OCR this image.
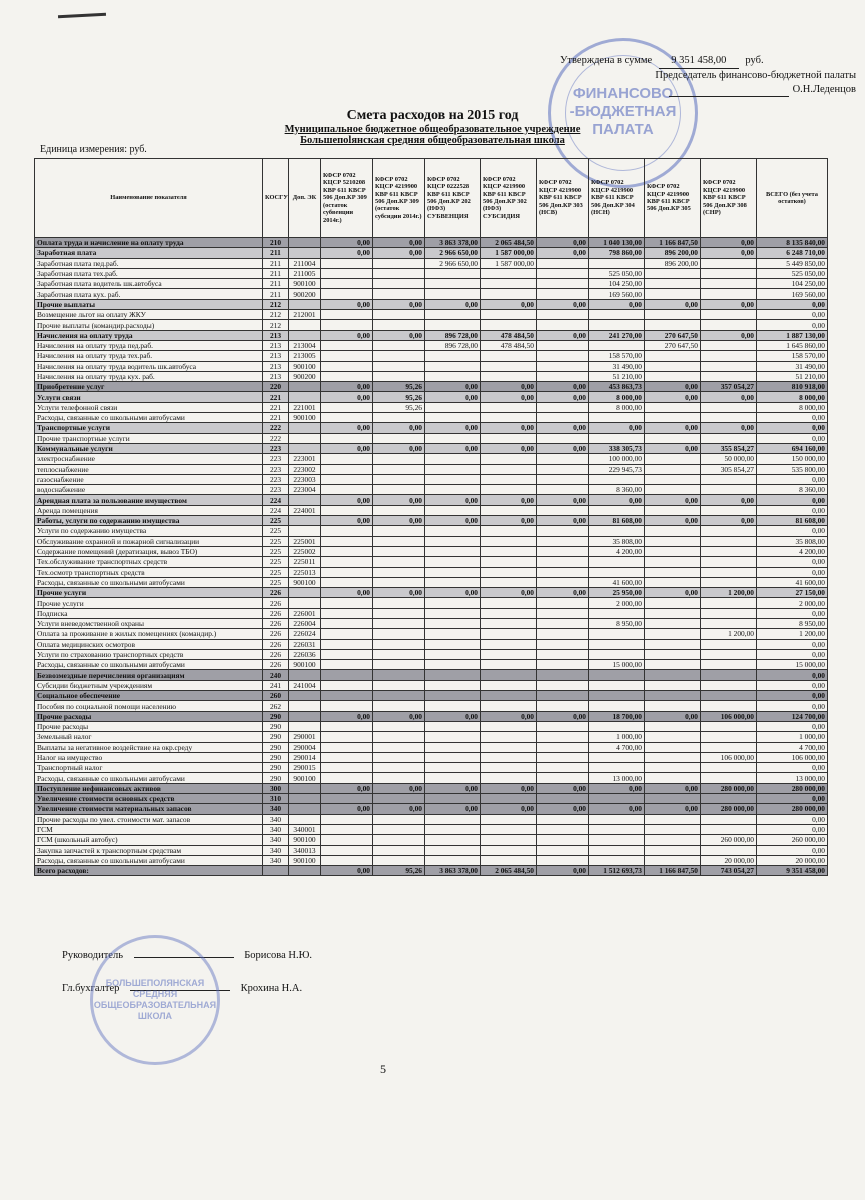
ФИНАНСОВО
-БЮДЖЕТНАЯ
ПАЛАТА
Утверждена в сумме 9 351 458,00 руб.
Председатель финансово-бюджетной палаты
О.Н.Леденцов
Смета расходов на 2015 год
Муниципальное бюджетное общеобразовательное учреждение
Большепolянская средняя общеобразовательная школа
Единица измерения: руб.
Наименование показателя	КОСГУ	Доп. ЭК	КФСР 0702 КЦСР 5210208 КВР 611 КВСР 506 Доп.КР 309 (остаток субвенции 2014г.)	КФСР 0702 КЦСР 4219900 КВР 611 КВСР 506 Доп.КР 309 (остаток субсидии 2014г.)	КФСР 0702 КЦСР 0222528 КВР 611 КВСР 506 Доп.КР 202 (НФЗ) СУБВЕНЦИЯ	КФСР 0702 КЦСР 4219900 КВР 611 КВСР 506 Доп.КР 302 (НФЗ) СУБСИДИЯ	КФСР 0702 КЦСР 4219900 КВР 611 КВСР 506 Доп.КР 303 (НСВ)	КФСР 0702 КЦСР 4219900 КВР 611 КВСР 506 Доп.КР 304 (НСН)	КФСР 0702 КЦСР 4219900 КВР 611 КВСР 506 Доп.КР 305	КФСР 0702 КЦСР 4219900 КВР 611 КВСР 506 Доп.КР 308 (СНР)	ВСЕГО (без учета остатков)
Оплата труда и начисление на оплату труда	210		0,00	0,00	3 863 378,00	2 065 484,50	0,00	1 040 130,00	1 166 847,50	0,00	8 135 840,00
Заработная плата	211		0,00	0,00	2 966 650,00	1 587 000,00	0,00	798 860,00	896 200,00	0,00	6 248 710,00
Заработная плата пед.раб.	211	211004			2 966 650,00	1 587 000,00			896 200,00		5 449 850,00
Заработная плата тех.раб.	211	211005						525 050,00			525 050,00
Заработная плата водитель шк.автобуса	211	900100						104 250,00			104 250,00
Заработная плата кух. раб.	211	900200						169 560,00			169 560,00
Прочие выплаты	212		0,00	0,00	0,00	0,00	0,00	0,00	0,00	0,00	0,00
Возмещение льгот на оплату ЖКУ	212	212001									0,00
Прочие выплаты (командир.расходы)	212										0,00
Начисления на оплату труда	213		0,00	0,00	896 728,00	478 484,50	0,00	241 270,00	270 647,50	0,00	1 887 130,00
Начисления на оплату труда пед.раб.	213	213004			896 728,00	478 484,50			270 647,50		1 645 860,00
Начисления на оплату труда тех.раб.	213	213005						158 570,00			158 570,00
Начисления на оплату труда водитель шк.автобуса	213	900100						31 490,00			31 490,00
Начисления на оплату труда кух. раб.	213	900200						51 210,00			51 210,00
Приобретение услуг	220		0,00	95,26	0,00	0,00	0,00	453 863,73	0,00	357 054,27	810 918,00
Услуги связи	221		0,00	95,26	0,00	0,00	0,00	8 000,00	0,00	0,00	8 000,00
Услуги телефонной связи	221	221001		95,26				8 000,00			8 000,00
Расходы, связанные со школьными автобусами	221	900100									0,00
Транспортные услуги	222		0,00	0,00	0,00	0,00	0,00	0,00	0,00	0,00	0,00
Прочие транспортные услуги	222										0,00
Коммунальные услуги	223		0,00	0,00	0,00	0,00	0,00	338 305,73	0,00	355 854,27	694 160,00
электроснабжение	223	223001						100 000,00		50 000,00	150 000,00
теплоснабжение	223	223002						229 945,73		305 854,27	535 800,00
газоснабжение	223	223003									0,00
водоснабжение	223	223004						8 360,00			8 360,00
Арендная плата за пользование имуществом	224		0,00	0,00	0,00	0,00	0,00	0,00	0,00	0,00	0,00
Аренда помещения	224	224001									0,00
Работы, услуги по содержанию имущества	225		0,00	0,00	0,00	0,00	0,00	81 608,00	0,00	0,00	81 608,00
Услуги по содержанию имущества	225										0,00
Обслуживание охранной и пожарной сигнализации	225	225001						35 808,00			35 808,00
Содержание помещений (дератизация, вывоз ТБО)	225	225002						4 200,00			4 200,00
Тех.обслуживание транспортных средств	225	225011									0,00
Тех.осмотр транспортных средств	225	225013									0,00
Расходы, связанные со школьными автобусами	225	900100						41 600,00			41 600,00
Прочие услуги	226		0,00	0,00	0,00	0,00	0,00	25 950,00	0,00	1 200,00	27 150,00
Прочие услуги	226							2 000,00			2 000,00
Подписка	226	226001									0,00
Услуги вневедомственной охраны	226	226004						8 950,00			8 950,00
Оплата за проживание в жилых помещениях (командир.)	226	226024								1 200,00	1 200,00
Оплата медицинских осмотров	226	226031									0,00
Услуги по страхованию транспортных средств	226	226036									0,00
Расходы, связанные со школьными автобусами	226	900100						15 000,00			15 000,00
Безвозмездные перечисления организациям	240										0,00
Субсидии бюджетным учреждениям	241	241004									0,00
Социальное обеспечение	260										0,00
Пособия по социальной помощи населению	262										0,00
Прочие расходы	290		0,00	0,00	0,00	0,00	0,00	18 700,00	0,00	106 000,00	124 700,00
Прочие расходы	290										0,00
Земельный налог	290	290001						1 000,00			1 000,00
Выплаты за негативное воздействие на окр.среду	290	290004						4 700,00			4 700,00
Налог на имущество	290	290014								106 000,00	106 000,00
Транспортный налог	290	290015									0,00
Расходы, связанные со школьными автобусами	290	900100						13 000,00			13 000,00
Поступление нефинансовых активов	300		0,00	0,00	0,00	0,00	0,00	0,00	0,00	280 000,00	280 000,00
Увеличение стоимости основных средств	310										0,00
Увеличение стоимости материальных запасов	340		0,00	0,00	0,00	0,00	0,00	0,00	0,00	280 000,00	280 000,00
Прочие расходы по увел. стоимости мат. запасов	340										0,00
ГСМ	340	340001									0,00
ГСМ (школьный автобус)	340	900100								260 000,00	260 000,00
Закупка запчастей к транспортным средствам	340	340013									0,00
Расходы, связанные со школьными автобусами	340	900100								20 000,00	20 000,00
Всего расходов:			0,00	95,26	3 863 378,00	2 065 484,50	0,00	1 512 693,73	1 166 847,50	743 054,27	9 351 458,00
Руководитель	Борисова Н.Ю.
Гл.бухгалтер	Крохина Н.А.
БОЛЬШЕПОЛЯНСКАЯ
СРЕДНЯЯ
ОБЩЕОБРАЗОВАТЕЛЬНАЯ
ШКОЛА
5
